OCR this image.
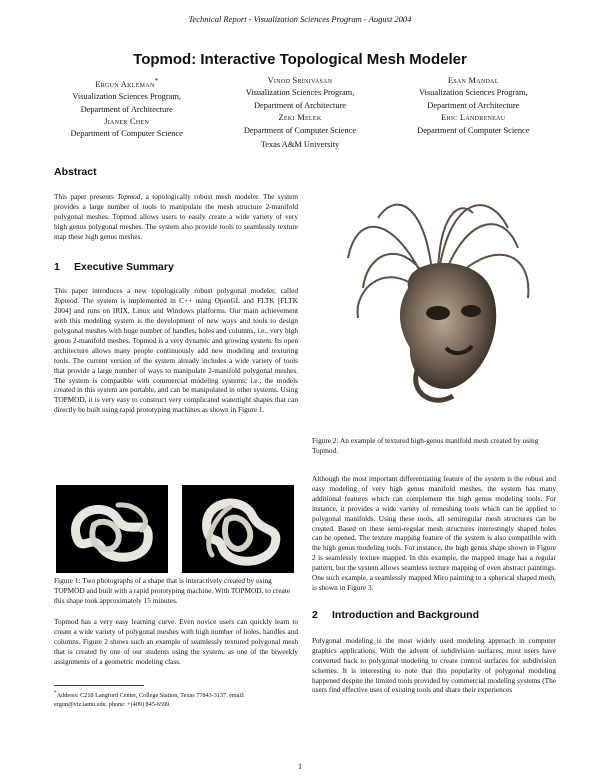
Technical Report - Visualization Sciences Program - August 2004
Topmod: Interactive Topological Mesh Modeler
Ergun Akleman*
Visualization Sciences Program,
Department of Architecture
Jianer Chen
Department of Computer Science
Vinod Srinivasan
Visualization Sciences Program,
Department of Architecture
Zeki Melek
Department of Computer Science
Esan Mandal
Visualization Sciences Program,
Department of Architecture
Eric Landreneau
Department of Computer Science
Texas A&M University
Abstract

This paper presents Topmod, a topologically robust mesh modeler. The system provides a large number of tools to manipulate the mesh structure 2-manifold polygonal meshes. Topmod allows users to easily create a wide variety of very high genus polygonal meshes. The system also provide tools to seamlessly texture map these high genus meshes.

1 Executive Summary

This paper introduces a new topologically robust polygonal modeler, called Topmod. The system is implemented in C++ using OpenGL and FLTK [FLTK 2004] and runs on IRIX, Linux and Windows platforms. Our main achievement with this modeling system is the development of new ways and tools to design polygonal meshes with huge number of handles, holes and columns, i.e., very high genus 2-manifold meshes. Topmod is a very dynamic and growing system. Its open architecture allows many people continuously add new modeling and texturing tools. The current version of the system already includes a wide variety of tools that provide a large number of ways to manipulate 2-manifold polygonal meshes. The system is compatible with commercial modeling systems; i.e., the models created in this system are portable, and can be manipulated in other systems. Using TOPMOD, it is very easy to construct very complicated watertight shapes that can directly be built using rapid prototyping machines as shown in Figure 1.

Figure 1: Two photographs of a shape that is interactively created by using TOPMOD and built with a rapid prototyping machine. With TOPMOD, to create this shape took approximately 15 minutes.
Topmod has a very easy learning curve. Even novice users can quickly learn to create a wide variety of polygonal meshes with high number of holes, handles and columns. Figure 2 shows such an example of seamlessly textured polygonal mesh that is created by one of our students using the system, as one of the biweekly assignments of a geometric modeling class.
*Address: C218 Langford Center, College Station, Texas 77843-3137. email: ergun@viz.tamu.edu. phone: +(409) 845-6599.
Figure 2: An example of textured high-genus manifold mesh created by using Topmod.
Although the most important differentiating feature of the system is the robust and easy modeling of very high genus manifold meshes, the system has many additional features which can complement the high genus modeling tools. For instance, it provides a wide variety of remeshing tools which can be applied to polygonal manifolds. Using these tools, all semiregular mesh structures can be created. Based on these semi-regular mesh structures interestingly shaped holes can be opened. The texture mapping feature of the system is also compatible with the high genus modeling tools. For instance, the high genus shape shown in Figure 2 is seamlessly texture mapped. In this example, the mapped image has a regular pattern, but the system allows seamless texture mapping of even abstract paintings. One such example, a seamlessly mapped Miro painting to a spherical shaped mesh, is shown in Figure 3.
2 Introduction and Background

Polygonal modeling is the most widely used modeling approach in computer graphics applications. With the advent of subdivision surfaces, most users have converted back to polygonal modeling to create control surfaces for subdivision schemes. It is interesting to note that this popularity of polygonal modeling happened despite the limited tools provided by commercial modeling systems (The users find effective uses of existing tools and share their experiences

1
